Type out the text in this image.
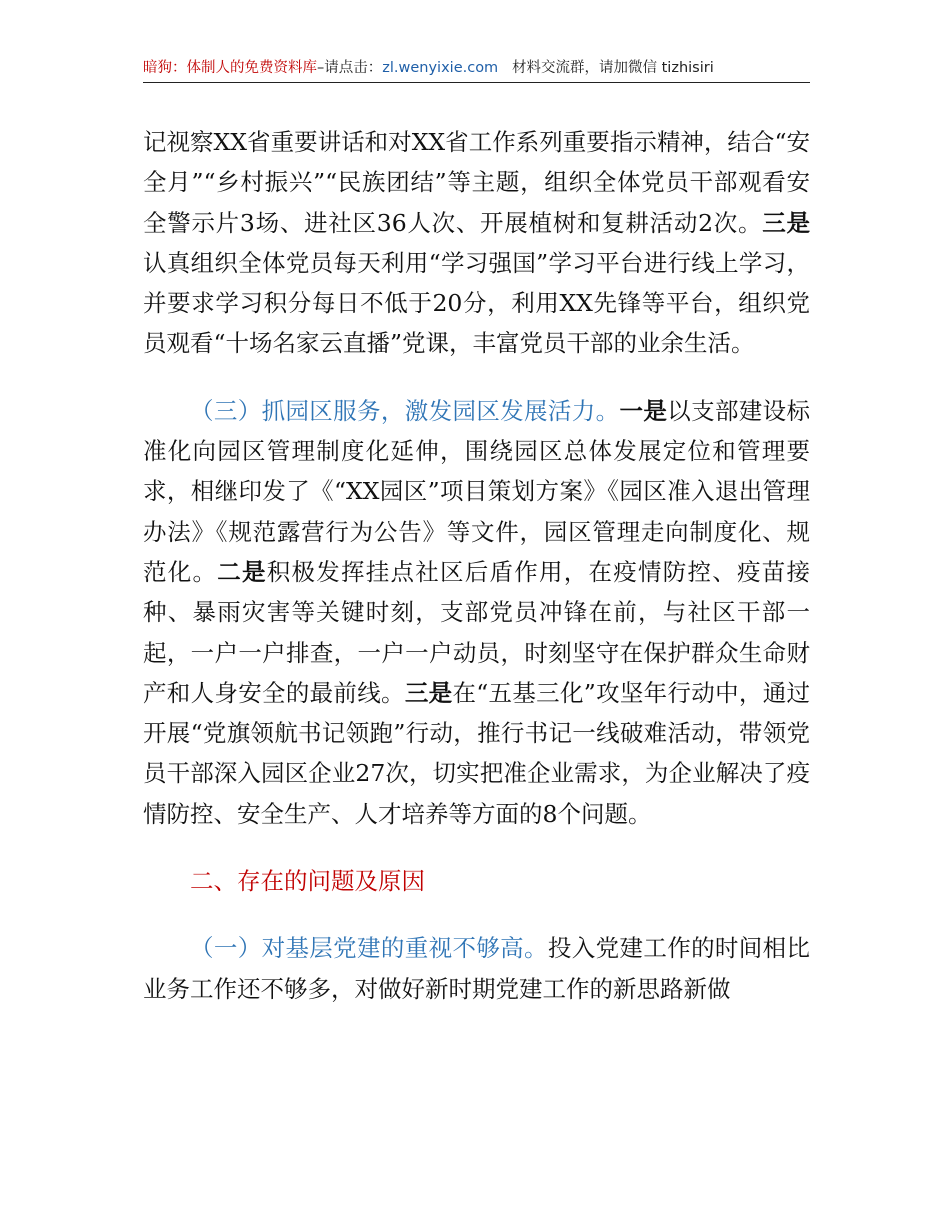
暗狗：体制人的免费资料库–请点击：zl.wenyixie.com 材料交流群，请加微信 tizhisiri

记视察XX省重要讲话和对XX省工作系列重要指示精神，结合“安全月”“乡村振兴”“民族团结”等主题，组织全体党员干部观看安全警示片3场、进社区36人次、开展植树和复耕活动2次。三是认真组织全体党员每天利用“学习强国”学习平台进行线上学习，并要求学习积分每日不低于20分，利用XX先锋等平台，组织党员观看“十场名家云直播”党课，丰富党员干部的业余生活。

（三）抓园区服务，激发园区发展活力。一是以支部建设标准化向园区管理制度化延伸，围绕园区总体发展定位和管理要求，相继印发了《“XX园区”项目策划方案》《园区准入退出管理办法》《规范露营行为公告》等文件，园区管理走向制度化、规范化。二是积极发挥挂点社区后盾作用，在疫情防控、疫苗接种、暴雨灾害等关键时刻，支部党员冲锋在前，与社区干部一起，一户一户排查，一户一户动员，时刻坚守在保护群众生命财产和人身安全的最前线。三是在“五基三化”攻坚年行动中，通过开展“党旗领航书记领跑”行动，推行书记一线破难活动，带领党员干部深入园区企业27次，切实把准企业需求，为企业解决了疫情防控、安全生产、人才培养等方面的8个问题。

二、存在的问题及原因

（一）对基层党建的重视不够高。投入党建工作的时间相比业务工作还不够多，对做好新时期党建工作的新思路新做
